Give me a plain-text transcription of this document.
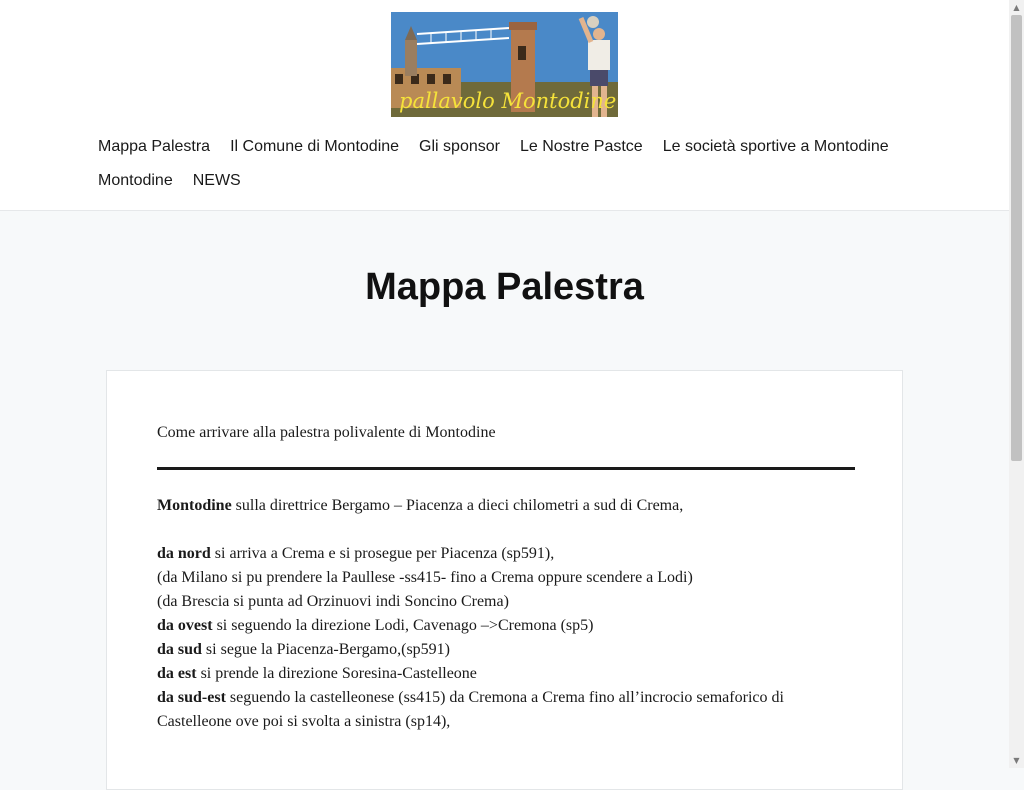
pallavolo Montodine
Mappa Palestra Il Comune di Montodine Gli sponsor Le Nostre Pastce Le società sportive a Montodine
Montodine NEWS
Mappa Palestra

Come arrivare alla palestra polivalente di Montodine

Montodine sulla direttrice Bergamo – Piacenza a dieci chilometri a sud di Crema,
da nord si arriva a Crema e si prosegue per Piacenza (sp591),
(da Milano si pu prendere la Paullese -ss415- fino a Crema oppure scendere a Lodi)
(da Brescia si punta ad Orzinuovi indi Soncino Crema)
da ovest si seguendo la direzione Lodi, Cavenago –>Cremona (sp5)
da sud si segue la Piacenza-Bergamo,(sp591)
da est si prende la direzione Soresina-Castelleone
da sud-est seguendo la castelleonese (ss415) da Cremona a Crema fino all’incrocio semaforico di Castelleone ove poi si svolta a sinistra (sp14),
▲
▼
